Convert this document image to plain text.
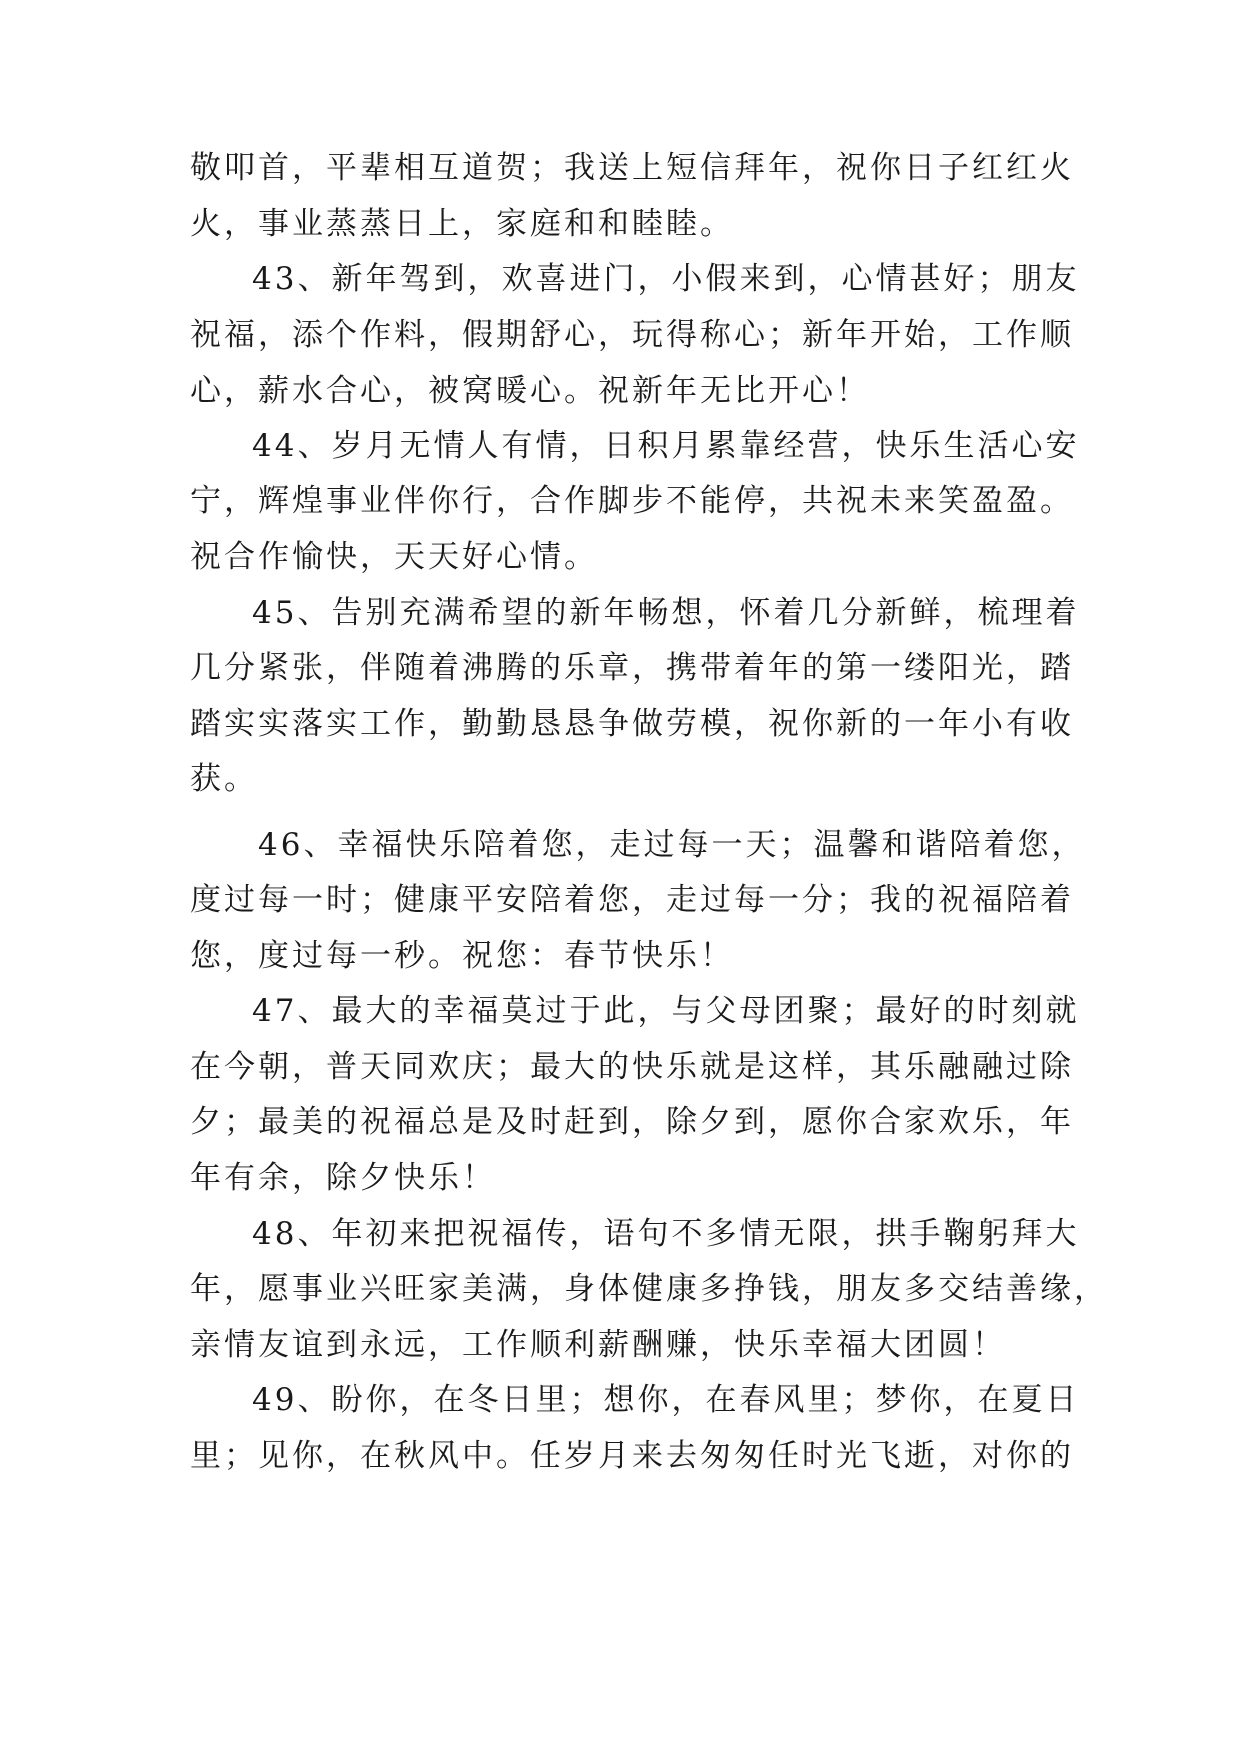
敬叩首，平辈相互道贺；我送上短信拜年，祝你日子红红火
火，事业蒸蒸日上，家庭和和睦睦。
43、新年驾到，欢喜进门，小假来到，心情甚好；朋友
祝福，添个作料，假期舒心，玩得称心；新年开始，工作顺
心，薪水合心，被窝暖心。祝新年无比开心！
44、岁月无情人有情，日积月累靠经营，快乐生活心安
宁，辉煌事业伴你行，合作脚步不能停，共祝未来笑盈盈。
祝合作愉快，天天好心情。
45、告别充满希望的新年畅想，怀着几分新鲜，梳理着
几分紧张，伴随着沸腾的乐章，携带着年的第一缕阳光，踏
踏实实落实工作，勤勤恳恳争做劳模，祝你新的一年小有收
获。
46、幸福快乐陪着您，走过每一天；温馨和谐陪着您，
度过每一时；健康平安陪着您，走过每一分；我的祝福陪着
您，度过每一秒。祝您：春节快乐！
47、最大的幸福莫过于此，与父母团聚；最好的时刻就
在今朝，普天同欢庆；最大的快乐就是这样，其乐融融过除
夕；最美的祝福总是及时赶到，除夕到，愿你合家欢乐，年
年有余，除夕快乐！
48、年初来把祝福传，语句不多情无限，拱手鞠躬拜大
年，愿事业兴旺家美满，身体健康多挣钱，朋友多交结善缘，
亲情友谊到永远，工作顺利薪酬赚，快乐幸福大团圆！
49、盼你，在冬日里；想你，在春风里；梦你，在夏日
里；见你，在秋风中。任岁月来去匆匆任时光飞逝，对你的
